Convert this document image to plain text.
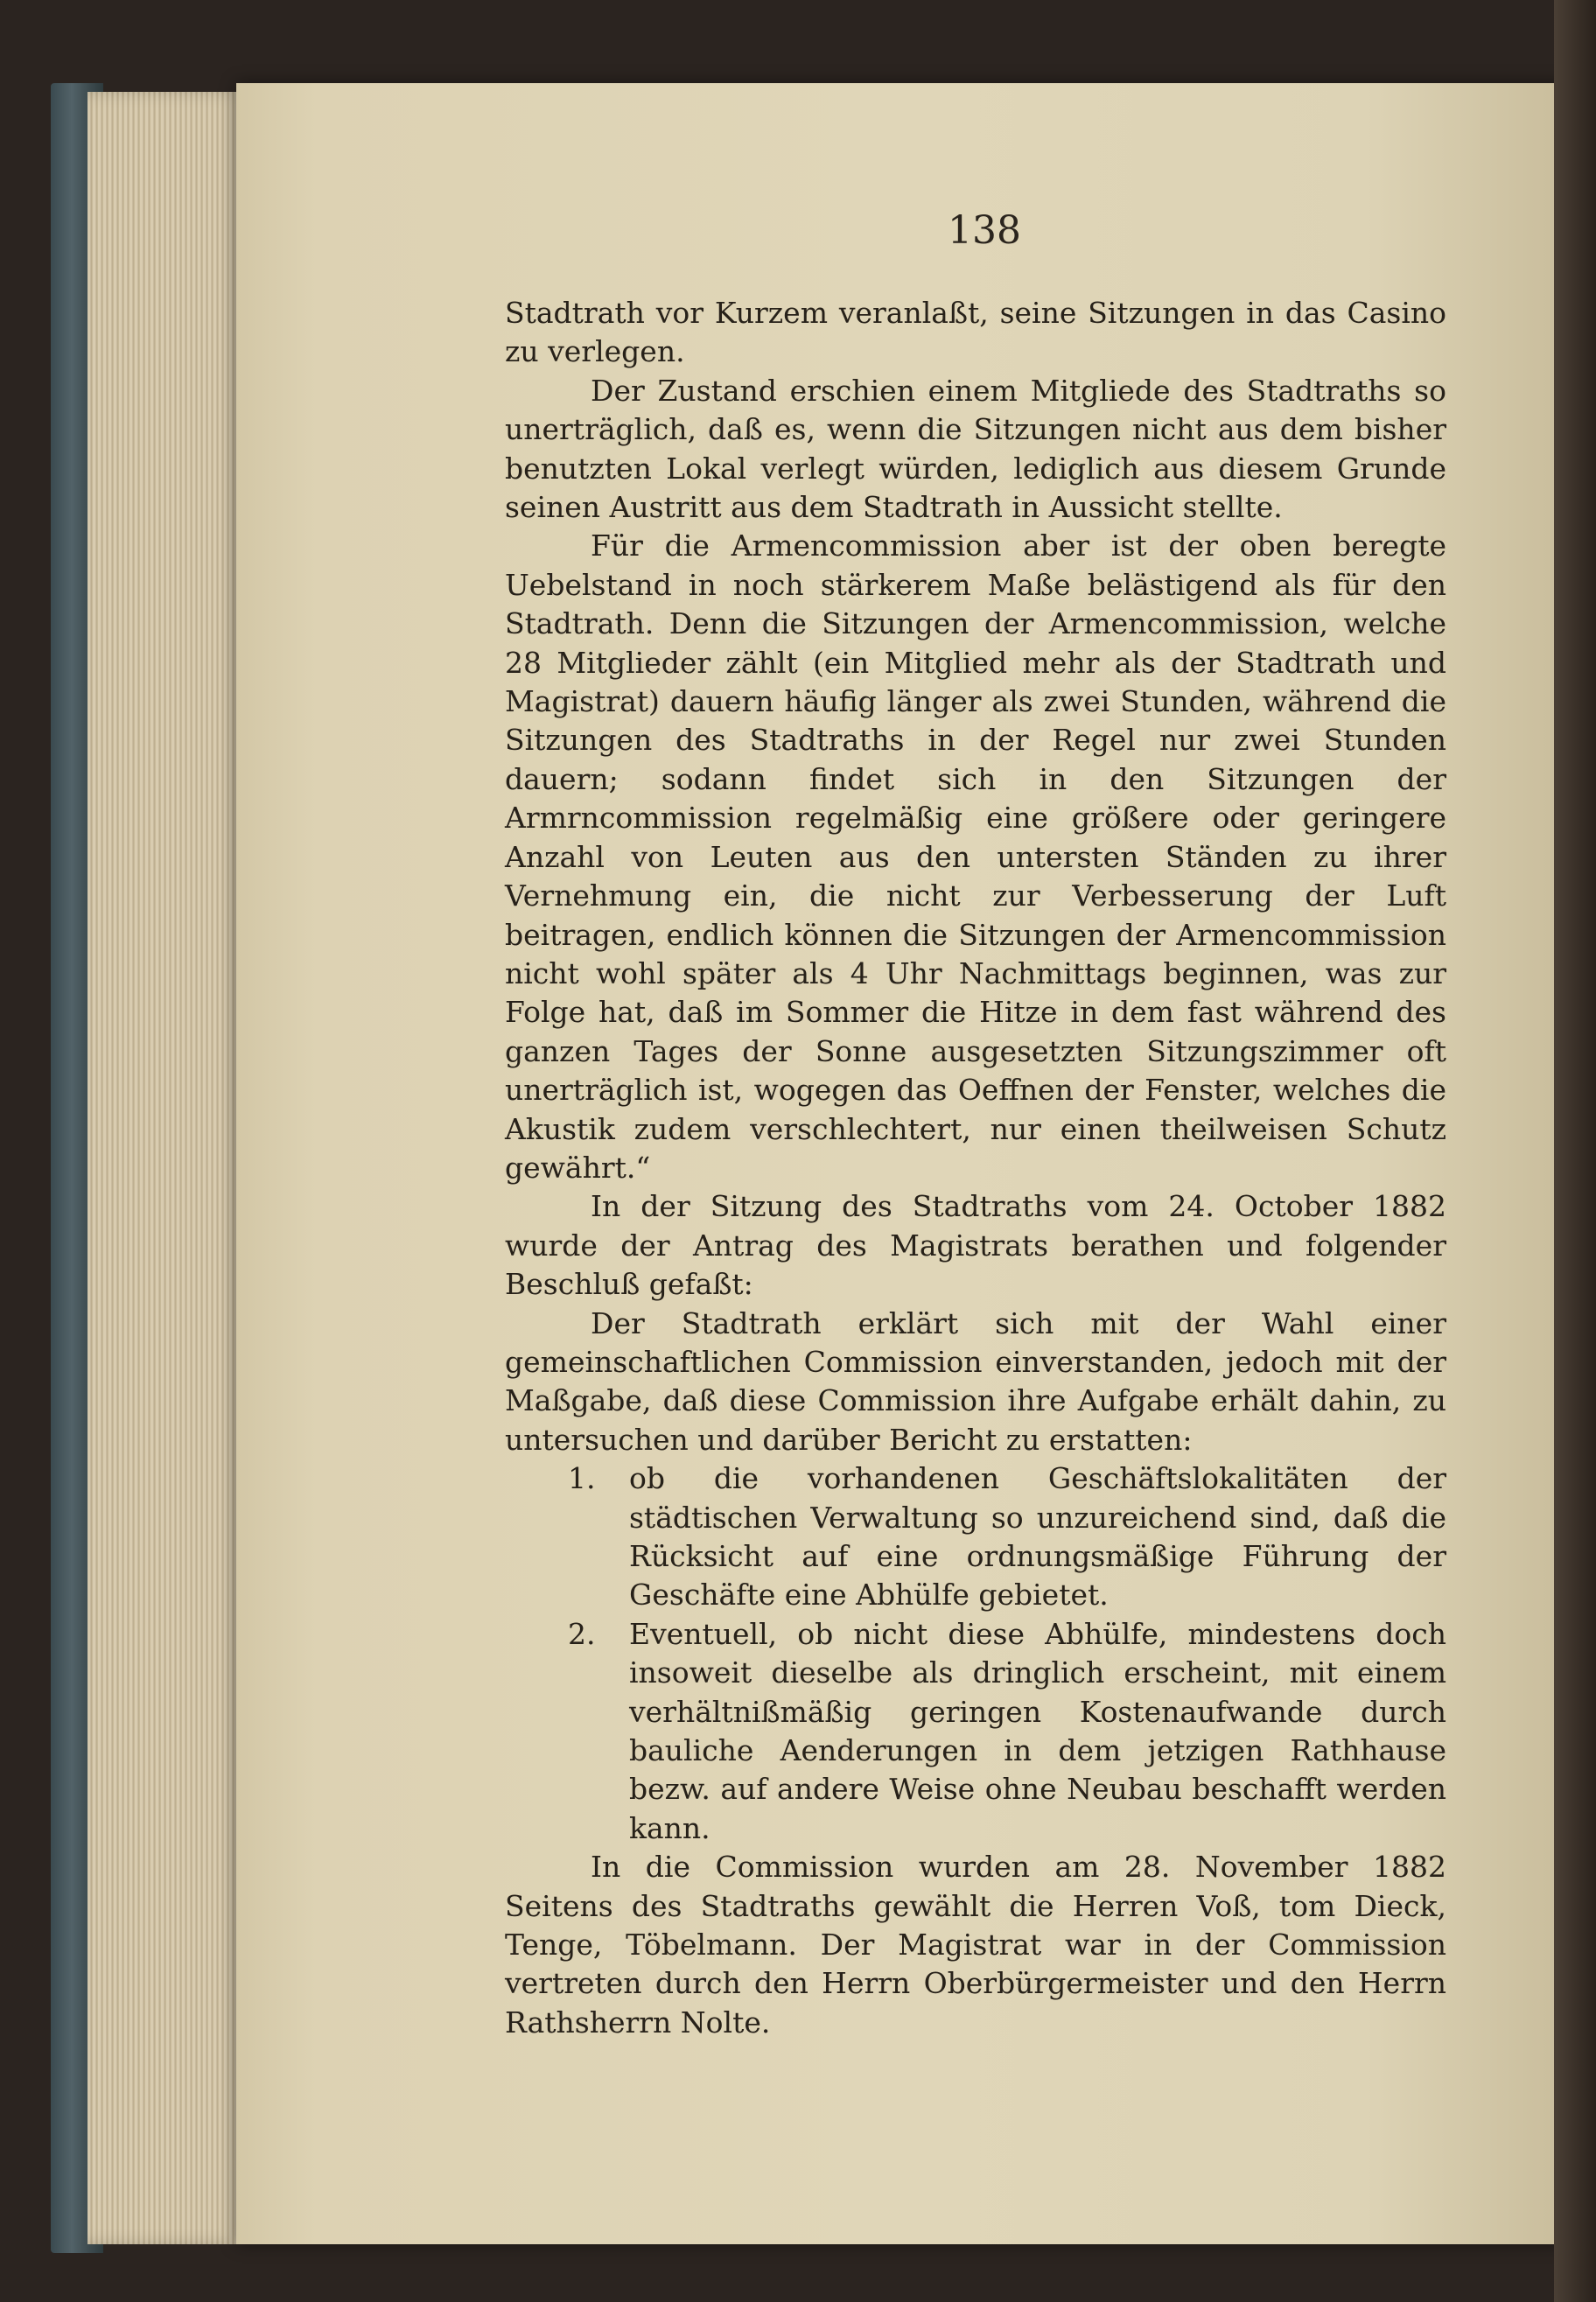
138

Stadtrath vor Kurzem veranlaßt, seine Sitzungen in das Casino zu verlegen.

Der Zustand erschien einem Mitgliede des Stadtraths so unerträglich, daß es, wenn die Sitzungen nicht aus dem bisher benutzten Lokal verlegt würden, lediglich aus diesem Grunde seinen Austritt aus dem Stadtrath in Aussicht stellte.

Für die Armencommission aber ist der oben beregte Uebelstand in noch stärkerem Maße belästigend als für den Stadtrath. Denn die Sitzungen der Armencommission, welche 28 Mitglieder zählt (ein Mitglied mehr als der Stadtrath und Magistrat) dauern häufig länger als zwei Stunden, während die Sitzungen des Stadtraths in der Regel nur zwei Stunden dauern; sodann findet sich in den Sitzungen der Armrncommission regelmäßig eine größere oder geringere Anzahl von Leuten aus den untersten Ständen zu ihrer Vernehmung ein, die nicht zur Verbesserung der Luft beitragen, endlich können die Sitzungen der Armencommission nicht wohl später als 4 Uhr Nachmittags beginnen, was zur Folge hat, daß im Sommer die Hitze in dem fast während des ganzen Tages der Sonne ausgesetzten Sitzungszimmer oft unerträglich ist, wogegen das Oeffnen der Fenster, welches die Akustik zudem verschlechtert, nur einen theilweisen Schutz gewährt.“

In der Sitzung des Stadtraths vom 24. October 1882 wurde der Antrag des Magistrats berathen und folgender Beschluß gefaßt:

Der Stadtrath erklärt sich mit der Wahl einer gemeinschaftlichen Commission einverstanden, jedoch mit der Maßgabe, daß diese Commission ihre Aufgabe erhält dahin, zu untersuchen und darüber Bericht zu erstatten:

1. ob die vorhandenen Geschäftslokalitäten der städtischen Verwaltung so unzureichend sind, daß die Rücksicht auf eine ordnungsmäßige Führung der Geschäfte eine Abhülfe gebietet.
2. Eventuell, ob nicht diese Abhülfe, mindestens doch insoweit dieselbe als dringlich erscheint, mit einem verhältnißmäßig geringen Kostenaufwande durch bauliche Aenderungen in dem jetzigen Rathhause bezw. auf andere Weise ohne Neubau beschafft werden kann.

In die Commission wurden am 28. November 1882 Seitens des Stadtraths gewählt die Herren Voß, tom Dieck, Tenge, Töbelmann. Der Magistrat war in der Commission vertreten durch den Herrn Oberbürgermeister und den Herrn Rathsherrn Nolte.
